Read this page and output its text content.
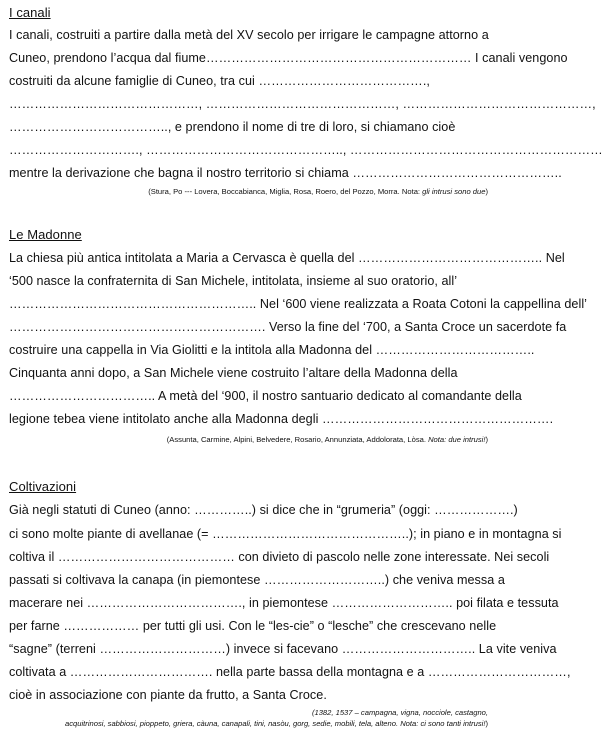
I canali
I canali, costruiti a partire dalla metà del XV secolo per irrigare le campagne attorno a
Cuneo, prendono l’acqua dal fiume……………………………………………………… I canali vengono
costruiti da alcune famiglie di Cuneo, tra cui ………………………………….,
………………………………………, ………………………………………, ………………………………………,
……………………………….., e prendono il nome di tre di loro, si chiamano cioè
…………………………., ……………………………………….., ……………………………………………………
mentre la derivazione che bagna il nostro territorio si chiama …………………………………………..
(Stura, Po --- Lovera, Boccabianca, Miglia, Rosa, Roero, del Pozzo, Morra. Nota: gli intrusi sono due)
Le Madonne
La chiesa più antica intitolata a Maria a Cervasca è quella del …………………………………….. Nel
‘500 nasce la confraternita di San Michele, intitolata, insieme al suo oratorio, all’
………………………………………………….. Nel ‘600 viene realizzata a Roata Cotoni la cappellina dell’
……………………………………………………. Verso la fine del ‘700, a Santa Croce un sacerdote fa
costruire una cappella in Via Giolitti e la intitola alla Madonna del ………………………………..
Cinquanta anni dopo, a San Michele viene costruito l’altare della Madonna della
…………………………….. A metà del ‘900, il nostro santuario dedicato al comandante della
legione tebea viene intitolato anche alla Madonna degli ……………………………………………….
(Assunta, Carmine, Alpini, Belvedere, Rosario, Annunziata, Addolorata, Lòsa. Nota: due intrusi!)
Coltivazioni
Già negli statuti di Cuneo (anno: …………..) si dice che in “grumeria” (oggi: ……………….)
ci sono molte piante di avellanae (= ………………………………………..); in piano e in montagna si
coltiva il …………………………………… con divieto di pascolo nelle zone interessate. Nei secoli
passati si coltivava la canapa (in piemontese ………………………..) che veniva messa a
macerare nei ………………………………., in piemontese ……………………….. poi filata e tessuta
per farne ……………… per tutti gli usi. Con le “les-cie” o “lesche” che crescevano nelle
“sagne” (terreni …………………………) invece si facevano ………………………….. La vite veniva
coltivata a ……………………………. nella parte bassa della montagna e a ……………………………,
cioè in associazione con piante da frutto, a Santa Croce.
(1382, 1537 – campagna, vigna, nocciole, castagno,
acquitrinosi, sabbiosi, pioppeto, griera, càuna, canapali, tini, nasòu, gorg, sedie, mobili, tela, alteno. Nota: ci sono tanti intrusi!)
